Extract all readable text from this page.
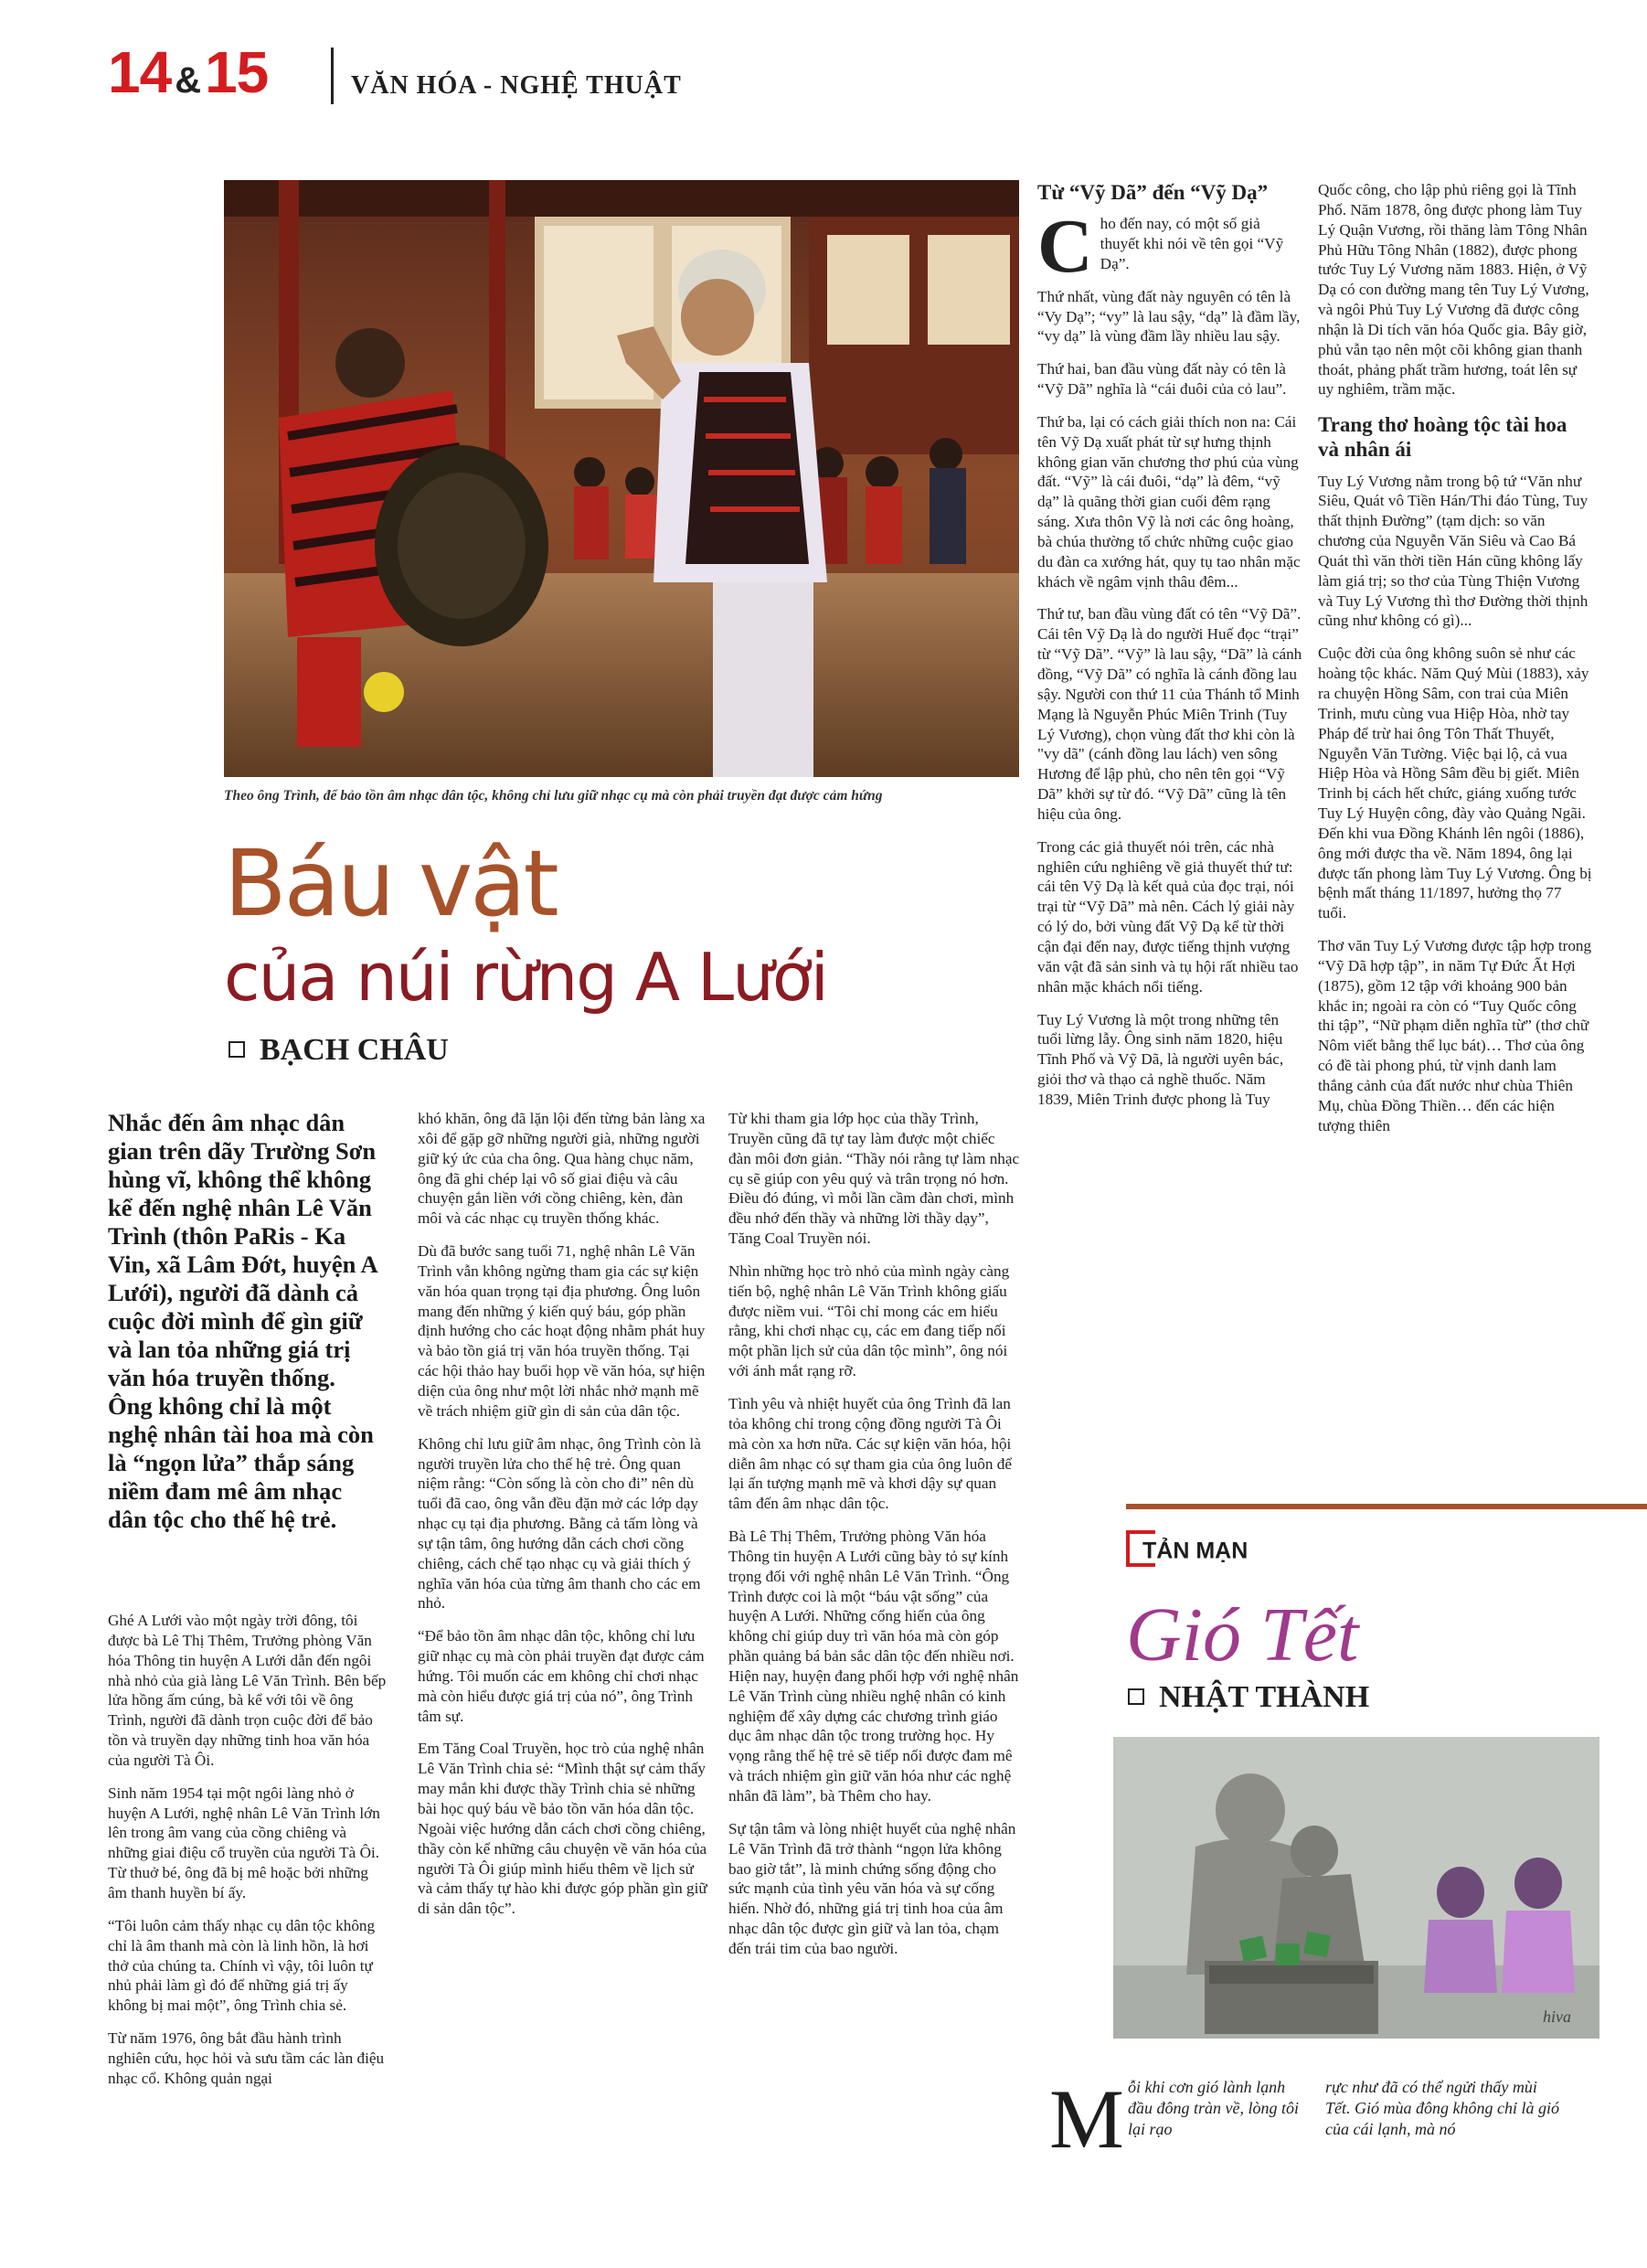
14 &15	VĂN HÓA - NGHỆ THUẬT
Theo ông Trình, để bảo tồn âm nhạc dân tộc, không chỉ lưu giữ nhạc cụ mà còn phải truyền đạt được cảm hứng
Báu vật
của núi rừng A Lưới
BẠCH CHÂU
Nhắc đến âm nhạc dân gian trên dãy Trường Sơn hùng vĩ, không thể không kể đến nghệ nhân Lê Văn Trình (thôn PaRis - Ka Vin, xã Lâm Đớt, huyện A Lưới), người đã dành cả cuộc đời mình để gìn giữ và lan tỏa những giá trị văn hóa truyền thống. Ông không chỉ là một nghệ nhân tài hoa mà còn là “ngọn lửa” thắp sáng niềm đam mê âm nhạc dân tộc cho thế hệ trẻ.

Ghé A Lưới vào một ngày trời đông, tôi được bà Lê Thị Thêm, Trưởng phòng Văn hóa Thông tin huyện A Lưới dẫn đến ngôi nhà nhỏ của già làng Lê Văn Trình. Bên bếp lửa hồng ấm cúng, bà kể với tôi về ông Trình, người đã dành trọn cuộc đời để bảo tồn và truyền dạy những tinh hoa văn hóa của người Tà Ôi.

Sinh năm 1954 tại một ngôi làng nhỏ ở huyện A Lưới, nghệ nhân Lê Văn Trình lớn lên trong âm vang của cồng chiêng và những giai điệu cổ truyền của người Tà Ôi. Từ thuở bé, ông đã bị mê hoặc bởi những âm thanh huyền bí ấy.

“Tôi luôn cảm thấy nhạc cụ dân tộc không chỉ là âm thanh mà còn là linh hồn, là hơi thở của chúng ta. Chính vì vậy, tôi luôn tự nhủ phải làm gì đó để những giá trị ấy không bị mai một”, ông Trình chia sẻ.

Từ năm 1976, ông bắt đầu hành trình nghiên cứu, học hỏi và sưu tầm các làn điệu nhạc cổ. Không quản ngại

khó khăn, ông đã lặn lội đến từng bản làng xa xôi để gặp gỡ những người già, những người giữ ký ức của cha ông. Qua hàng chục năm, ông đã ghi chép lại vô số giai điệu và câu chuyện gắn liền với cồng chiêng, kèn, đàn môi và các nhạc cụ truyền thống khác.

Dù đã bước sang tuổi 71, nghệ nhân Lê Văn Trình vẫn không ngừng tham gia các sự kiện văn hóa quan trọng tại địa phương. Ông luôn mang đến những ý kiến quý báu, góp phần định hướng cho các hoạt động nhằm phát huy và bảo tồn giá trị văn hóa truyền thống. Tại các hội thảo hay buổi họp về văn hóa, sự hiện diện của ông như một lời nhắc nhở mạnh mẽ về trách nhiệm giữ gìn di sản của dân tộc.

Không chỉ lưu giữ âm nhạc, ông Trình còn là người truyền lửa cho thế hệ trẻ. Ông quan niệm rằng: “Còn sống là còn cho đi” nên dù tuổi đã cao, ông vẫn đều đặn mở các lớp dạy nhạc cụ tại địa phương. Bằng cả tấm lòng và sự tận tâm, ông hướng dẫn cách chơi cồng chiêng, cách chế tạo nhạc cụ và giải thích ý nghĩa văn hóa của từng âm thanh cho các em nhỏ.

“Để bảo tồn âm nhạc dân tộc, không chỉ lưu giữ nhạc cụ mà còn phải truyền đạt được cảm hứng. Tôi muốn các em không chỉ chơi nhạc mà còn hiểu được giá trị của nó”, ông Trình tâm sự.

Em Tăng Coal Truyền, học trò của nghệ nhân Lê Văn Trình chia sẻ: “Mình thật sự cảm thấy may mắn khi được thầy Trình chia sẻ những bài học quý báu về bảo tồn văn hóa dân tộc. Ngoài việc hướng dẫn cách chơi cồng chiêng, thầy còn kể những câu chuyện về văn hóa của người Tà Ôi giúp mình hiểu thêm về lịch sử và cảm thấy tự hào khi được góp phần gìn giữ di sản dân tộc”.

Từ khi tham gia lớp học của thầy Trình, Truyền cũng đã tự tay làm được một chiếc đàn môi đơn giản. “Thầy nói rằng tự làm nhạc cụ sẽ giúp con yêu quý và trân trọng nó hơn. Điều đó đúng, vì mỗi lần cầm đàn chơi, mình đều nhớ đến thầy và những lời thầy dạy”, Tăng Coal Truyền nói.

Nhìn những học trò nhỏ của mình ngày càng tiến bộ, nghệ nhân Lê Văn Trình không giấu được niềm vui. “Tôi chỉ mong các em hiểu rằng, khi chơi nhạc cụ, các em đang tiếp nối một phần lịch sử của dân tộc mình”, ông nói với ánh mắt rạng rỡ.

Tình yêu và nhiệt huyết của ông Trình đã lan tỏa không chỉ trong cộng đồng người Tà Ôi mà còn xa hơn nữa. Các sự kiện văn hóa, hội diễn âm nhạc có sự tham gia của ông luôn để lại ấn tượng mạnh mẽ và khơi dậy sự quan tâm đến âm nhạc dân tộc.

Bà Lê Thị Thêm, Trưởng phòng Văn hóa Thông tin huyện A Lưới cũng bày tỏ sự kính trọng đối với nghệ nhân Lê Văn Trình. “Ông Trình được coi là một “báu vật sống” của huyện A Lưới. Những cống hiến của ông không chỉ giúp duy trì văn hóa mà còn góp phần quảng bá bản sắc dân tộc đến nhiều nơi. Hiện nay, huyện đang phối hợp với nghệ nhân Lê Văn Trình cùng nhiều nghệ nhân có kinh nghiệm để xây dựng các chương trình giáo dục âm nhạc dân tộc trong trường học. Hy vọng rằng thế hệ trẻ sẽ tiếp nối được đam mê và trách nhiệm gìn giữ văn hóa như các nghệ nhân đã làm”, bà Thêm cho hay.

Sự tận tâm và lòng nhiệt huyết của nghệ nhân Lê Văn Trình đã trở thành “ngọn lửa không bao giờ tắt”, là minh chứng sống động cho sức mạnh của tình yêu văn hóa và sự cống hiến. Nhờ đó, những giá trị tinh hoa của âm nhạc dân tộc được gìn giữ và lan tỏa, chạm đến trái tim của bao người.

Từ “Vỹ Dã” đến “Vỹ Dạ”

Cho đến nay, có một số giả thuyết khi nói về tên gọi “Vỹ Dạ”.

Thứ nhất, vùng đất này nguyên có tên là “Vy Dạ”; “vy” là lau sậy, “dạ” là đầm lầy, “vy dạ” là vùng đầm lầy nhiều lau sậy.

Thứ hai, ban đầu vùng đất này có tên là “Vỹ Dã” nghĩa là “cái đuôi của cỏ lau”.

Thứ ba, lại có cách giải thích non na: Cái tên Vỹ Dạ xuất phát từ sự hưng thịnh không gian văn chương thơ phú của vùng đất. “Vỹ” là cái đuôi, “dạ” là đêm, “vỹ dạ” là quãng thời gian cuối đêm rạng sáng. Xưa thôn Vỹ là nơi các ông hoàng, bà chúa thường tổ chức những cuộc giao du đàn ca xướng hát, quy tụ tao nhân mặc khách về ngâm vịnh thâu đêm...

Thứ tư, ban đầu vùng đất có tên “Vỹ Dã”. Cái tên Vỹ Dạ là do người Huế đọc “trại” từ “Vỹ Dã”. “Vỹ” là lau sậy, “Dã” là cánh đồng, “Vỹ Dã” có nghĩa là cánh đồng lau sậy. Người con thứ 11 của Thánh tổ Minh Mạng là Nguyễn Phúc Miên Trinh (Tuy Lý Vương), chọn vùng đất thơ khi còn là "vy dã" (cánh đồng lau lách) ven sông Hương để lập phủ, cho nên tên gọi “Vỹ Dã” khởi sự từ đó. “Vỹ Dã” cũng là tên hiệu của ông.

Trong các giả thuyết nói trên, các nhà nghiên cứu nghiêng về giả thuyết thứ tư: cái tên Vỹ Dạ là kết quả của đọc trại, nói trại từ “Vỹ Dã” mà nên. Cách lý giải này có lý do, bởi vùng đất Vỹ Dạ kể từ thời cận đại đến nay, được tiếng thịnh vượng văn vật đã sản sinh và tụ hội rất nhiều tao nhân mặc khách nổi tiếng.

Tuy Lý Vương là một trong những tên tuổi lừng lẫy. Ông sinh năm 1820, hiệu Tĩnh Phố và Vỹ Dã, là người uyên bác, giỏi thơ và thạo cả nghề thuốc. Năm 1839, Miên Trinh được phong là Tuy

Quốc công, cho lập phủ riêng gọi là Tĩnh Phố. Năm 1878, ông được phong làm Tuy Lý Quận Vương, rồi thăng làm Tông Nhân Phủ Hữu Tông Nhân (1882), được phong tước Tuy Lý Vương năm 1883. Hiện, ở Vỹ Dạ có con đường mang tên Tuy Lý Vương, và ngôi Phủ Tuy Lý Vương đã được công nhận là Di tích văn hóa Quốc gia. Bây giờ, phủ vẫn tạo nên một cõi không gian thanh thoát, phảng phất trầm hương, toát lên sự uy nghiêm, trầm mặc.

Trang thơ hoàng tộc tài hoa và nhân ái

Tuy Lý Vương nằm trong bộ tứ “Văn như Siêu, Quát vô Tiền Hán/Thi đáo Tùng, Tuy thất thịnh Đường” (tạm dịch: so văn chương của Nguyễn Văn Siêu và Cao Bá Quát thì văn thời tiền Hán cũng không lấy làm giá trị; so thơ của Tùng Thiện Vương và Tuy Lý Vương thì thơ Đường thời thịnh cũng như không có gì)...

Cuộc đời của ông không suôn sẻ như các hoàng tộc khác. Năm Quý Mùi (1883), xảy ra chuyện Hồng Sâm, con trai của Miên Trinh, mưu cùng vua Hiệp Hòa, nhờ tay Pháp để trừ hai ông Tôn Thất Thuyết, Nguyễn Văn Tường. Việc bại lộ, cả vua Hiệp Hòa và Hồng Sâm đều bị giết. Miên Trinh bị cách hết chức, giáng xuống tước Tuy Lý Huyện công, đày vào Quảng Ngãi. Đến khi vua Đồng Khánh lên ngôi (1886), ông mới được tha về. Năm 1894, ông lại được tấn phong làm Tuy Lý Vương. Ông bị bệnh mất tháng 11/1897, hưởng thọ 77 tuổi.

Thơ văn Tuy Lý Vương được tập hợp trong “Vỹ Dã hợp tập”, in năm Tự Đức Ất Hợi (1875), gồm 12 tập với khoảng 900 bản khắc in; ngoài ra còn có “Tuy Quốc công thi tập”, “Nữ phạm diễn nghĩa từ” (thơ chữ Nôm viết bằng thể lục bát)… Thơ của ông có đề tài phong phú, từ vịnh danh lam thắng cảnh của đất nước như chùa Thiên Mụ, chùa Đồng Thiền… đến các hiện tượng thiên

TẢN MẠN
Gió Tết
NHẬT THÀNH
hiva
M ỗi khi cơn gió lành lạnh đầu đông tràn về, lòng tôi lại rạo
rực như đã có thể ngửi thấy mùi Tết. Gió mùa đông không chỉ là gió của cái lạnh, mà nó
